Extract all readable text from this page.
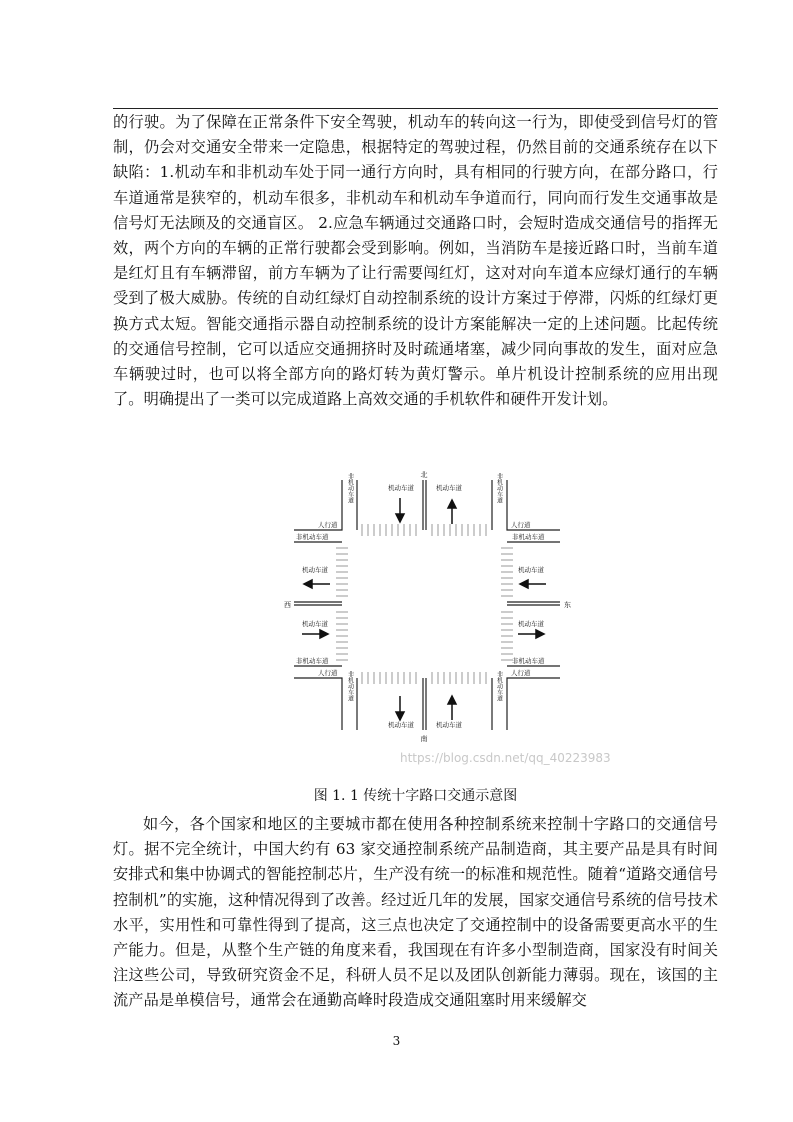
的行驶。为了保障在正常条件下安全驾驶，机动车的转向这一行为，即使受到信号灯的管制，仍会对交通安全带来一定隐患，根据特定的驾驶过程，仍然目前的交通系统存在以下缺陷：1.机动车和非机动车处于同一通行方向时，具有相同的行驶方向，在部分路口，行车道通常是狭窄的，机动车很多，非机动车和机动车争道而行，同向而行发生交通事故是信号灯无法顾及的交通盲区。 2.应急车辆通过交通路口时，会短时造成交通信号的指挥无效，两个方向的车辆的正常行驶都会受到影响。例如，当消防车是接近路口时，当前车道是红灯且有车辆滞留，前方车辆为了让行需要闯红灯，这对对向车道本应绿灯通行的车辆受到了极大威胁。传统的自动红绿灯自动控制系统的设计方案过于停滞，闪烁的红绿灯更换方式太短。智能交通指示器自动控制系统的设计方案能解决一定的上述问题。比起传统的交通信号控制，它可以适应交通拥挤时及时疏通堵塞，减少同向事故的发生，面对应急车辆驶过时，也可以将全部方向的路灯转为黄灯警示。单片机设计控制系统的应用出现了。明确提出了一类可以完成道路上高效交通的手机软件和硬件开发计划。

北
南
西	东
机动车道	机动车道
机动车道	机动车道
机动车道
机动车道
机动车道
机动车道
非机动车道
非机动车道
非机动车道
非机动车道
人行道	人行道
人行道	人行道
非机动车道	非机动车道
非机动车道	非机动车道
https://blog.csdn.net/qq_40223983
图 1. 1 传统十字路口交通示意图

如今，各个国家和地区的主要城市都在使用各种控制系统来控制十字路口的交通信号灯。据不完全统计，中国大约有 63 家交通控制系统产品制造商，其主要产品是具有时间安排式和集中协调式的智能控制芯片，生产没有统一的标准和规范性。随着“道路交通信号控制机”的实施，这种情况得到了改善。经过近几年的发展，国家交通信号系统的信号技术水平，实用性和可靠性得到了提高，这三点也决定了交通控制中的设备需要更高水平的生产能力。但是，从整个生产链的角度来看，我国现在有许多小型制造商，国家没有时间关注这些公司，导致研究资金不足，科研人员不足以及团队创新能力薄弱。现在，该国的主流产品是单模信号，通常会在通勤高峰时段造成交通阻塞时用来缓解交

3
